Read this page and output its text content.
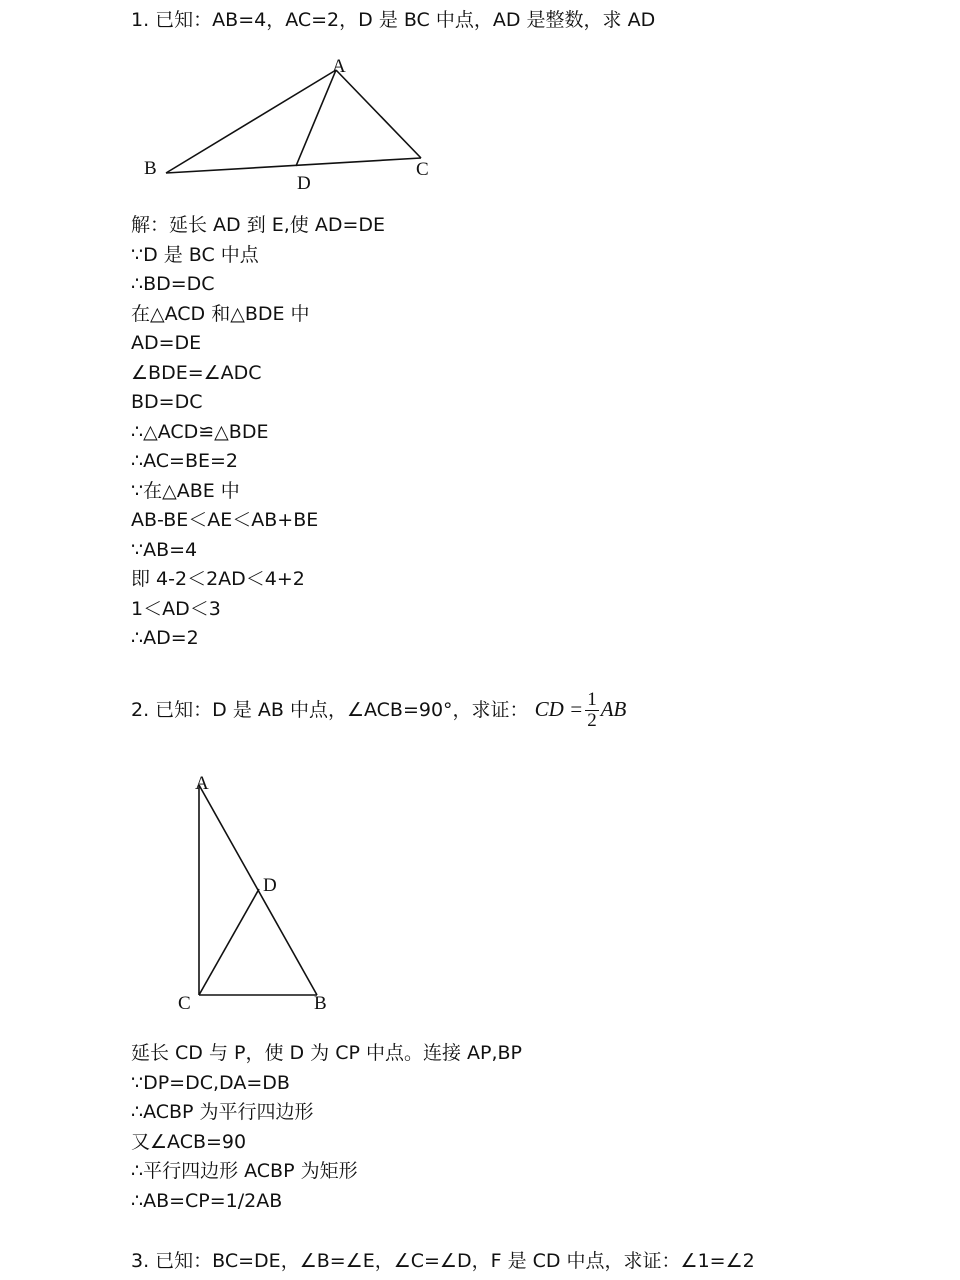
1. 已知：AB=4，AC=2，D 是 BC 中点，AD 是整数，求 AD
A
B	C
D
A
D
C	B
解：延长 AD 到 E,使 AD=DE
∵D 是 BC 中点
∴BD=DC
在△ACD 和△BDE 中
AD=DE
∠BDE=∠ADC
BD=DC
∴△ACD≌△BDE
∴AC=BE=2
∵在△ABE 中
AB-BE＜AE＜AB+BE
∵AB=4
即 4-2＜2AD＜4+2
1＜AD＜3
∴AD=2
2. 已知：D 是 AB 中点，∠ACB=90°，求证： CD = $\frac{1}{2}$ AB
延长 CD 与 P，使 D 为 CP 中点。连接 AP,BP
∵DP=DC,DA=DB
∴ACBP 为平行四边形
又∠ACB=90
∴平行四边形 ACBP 为矩形
∴AB=CP=1/2AB
3. 已知：BC=DE，∠B=∠E，∠C=∠D，F 是 CD 中点，求证：∠1=∠2
